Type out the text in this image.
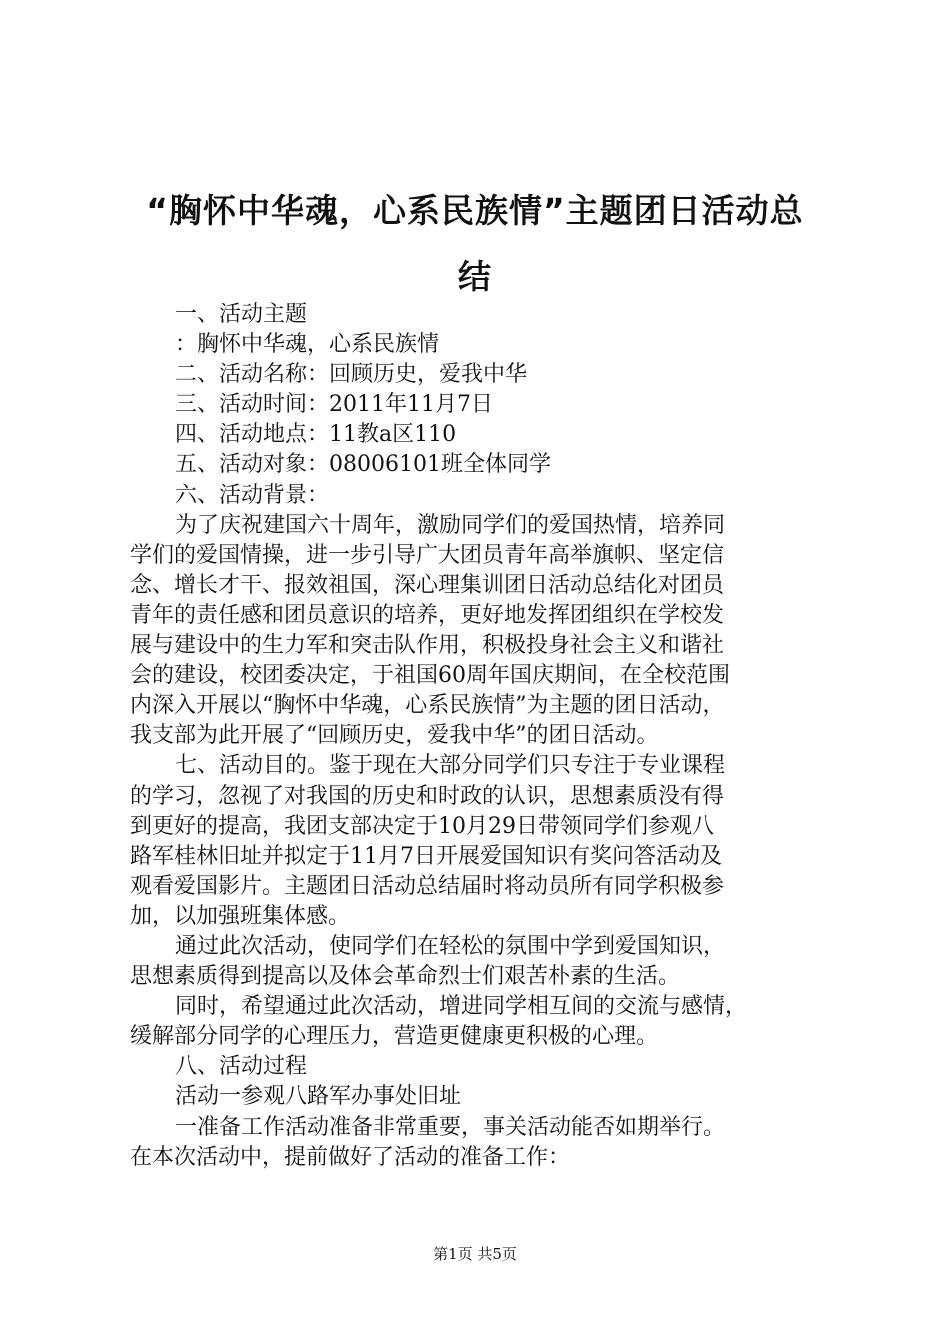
“胸怀中华魂，心系民族情”主题团日活动总
结
一、活动主题
：胸怀中华魂，心系民族情
二、活动名称：回顾历史，爱我中华
三、活动时间：2011年11月7日
四、活动地点：11教a区110
五、活动对象：08006101班全体同学
六、活动背景：
为了庆祝建国六十周年，激励同学们的爱国热情，培养同
学们的爱国情操，进一步引导广大团员青年高举旗帜、坚定信
念、增长才干、报效祖国，深心理集训团日活动总结化对团员
青年的责任感和团员意识的培养，更好地发挥团组织在学校发
展与建设中的生力军和突击队作用，积极投身社会主义和谐社
会的建设，校团委决定，于祖国60周年国庆期间，在全校范围
内深入开展以“胸怀中华魂，心系民族情”为主题的团日活动，
我支部为此开展了“回顾历史，爱我中华”的团日活动。
七、活动目的。鉴于现在大部分同学们只专注于专业课程
的学习，忽视了对我国的历史和时政的认识，思想素质没有得
到更好的提高，我团支部决定于10月29日带领同学们参观八
路军桂林旧址并拟定于11月7日开展爱国知识有奖问答活动及
观看爱国影片。主题团日活动总结届时将动员所有同学积极参
加，以加强班集体感。
通过此次活动，使同学们在轻松的氛围中学到爱国知识，
思想素质得到提高以及体会革命烈士们艰苦朴素的生活。
同时，希望通过此次活动，增进同学相互间的交流与感情，
缓解部分同学的心理压力，营造更健康更积极的心理。
八、活动过程
活动一参观八路军办事处旧址
一准备工作活动准备非常重要，事关活动能否如期举行。
在本次活动中，提前做好了活动的准备工作：
第1页 共5页
